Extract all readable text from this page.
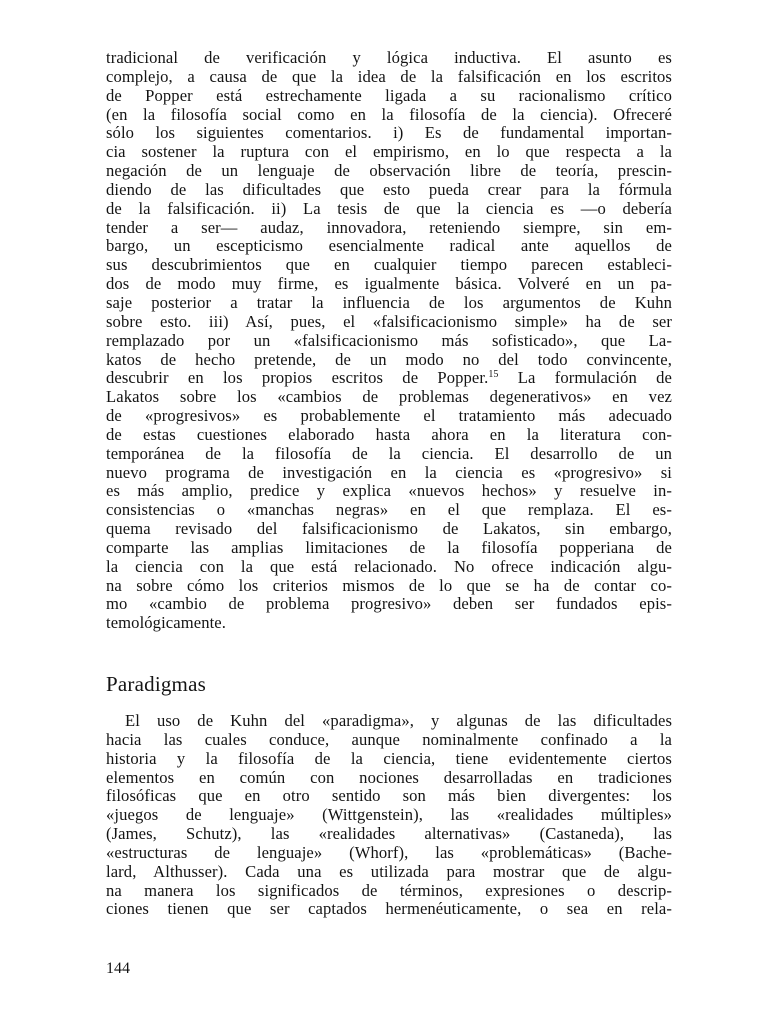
tradicional de verificación y lógica inductiva. El asunto es
complejo, a causa de que la idea de la falsificación en los escritos
de Popper está estrechamente ligada a su racionalismo crítico
(en la filosofía social como en la filosofía de la ciencia). Ofreceré
sólo los siguientes comentarios. i) Es de fundamental importan-
cia sostener la ruptura con el empirismo, en lo que respecta a la
negación de un lenguaje de observación libre de teoría, prescin-
diendo de las dificultades que esto pueda crear para la fórmula
de la falsificación. ii) La tesis de que la ciencia es —o debería
tender a ser— audaz, innovadora, reteniendo siempre, sin em-
bargo, un escepticismo esencialmente radical ante aquellos de
sus descubrimientos que en cualquier tiempo parecen estableci-
dos de modo muy firme, es igualmente básica. Volveré en un pa-
saje posterior a tratar la influencia de los argumentos de Kuhn
sobre esto. iii) Así, pues, el «falsificacionismo simple» ha de ser
remplazado por un «falsificacionismo más sofisticado», que La-
katos de hecho pretende, de un modo no del todo convincente,
descubrir en los propios escritos de Popper.$^{15}$ La formulación de
Lakatos sobre los «cambios de problemas degenerativos» en vez
de «progresivos» es probablemente el tratamiento más adecuado
de estas cuestiones elaborado hasta ahora en la literatura con-
temporánea de la filosofía de la ciencia. El desarrollo de un
nuevo programa de investigación en la ciencia es «progresivo» si
es más amplio, predice y explica «nuevos hechos» y resuelve in-
consistencias o «manchas negras» en el que remplaza. El es-
quema revisado del falsificacionismo de Lakatos, sin embargo,
comparte las amplias limitaciones de la filosofía popperiana de
la ciencia con la que está relacionado. No ofrece indicación algu-
na sobre cómo los criterios mismos de lo que se ha de contar co-
mo «cambio de problema progresivo» deben ser fundados epis-
temológicamente.
Paradigmas
El uso de Kuhn del «paradigma», y algunas de las dificultades
hacia las cuales conduce, aunque nominalmente confinado a la
historia y la filosofía de la ciencia, tiene evidentemente ciertos
elementos en común con nociones desarrolladas en tradiciones
filosóficas que en otro sentido son más bien divergentes: los
«juegos de lenguaje» (Wittgenstein), las «realidades múltiples»
(James, Schutz), las «realidades alternativas» (Castaneda), las
«estructuras de lenguaje» (Whorf), las «problemáticas» (Bache-
lard, Althusser). Cada una es utilizada para mostrar que de algu-
na manera los significados de términos, expresiones o descrip-
ciones tienen que ser captados hermenéuticamente, o sea en rela-
144
